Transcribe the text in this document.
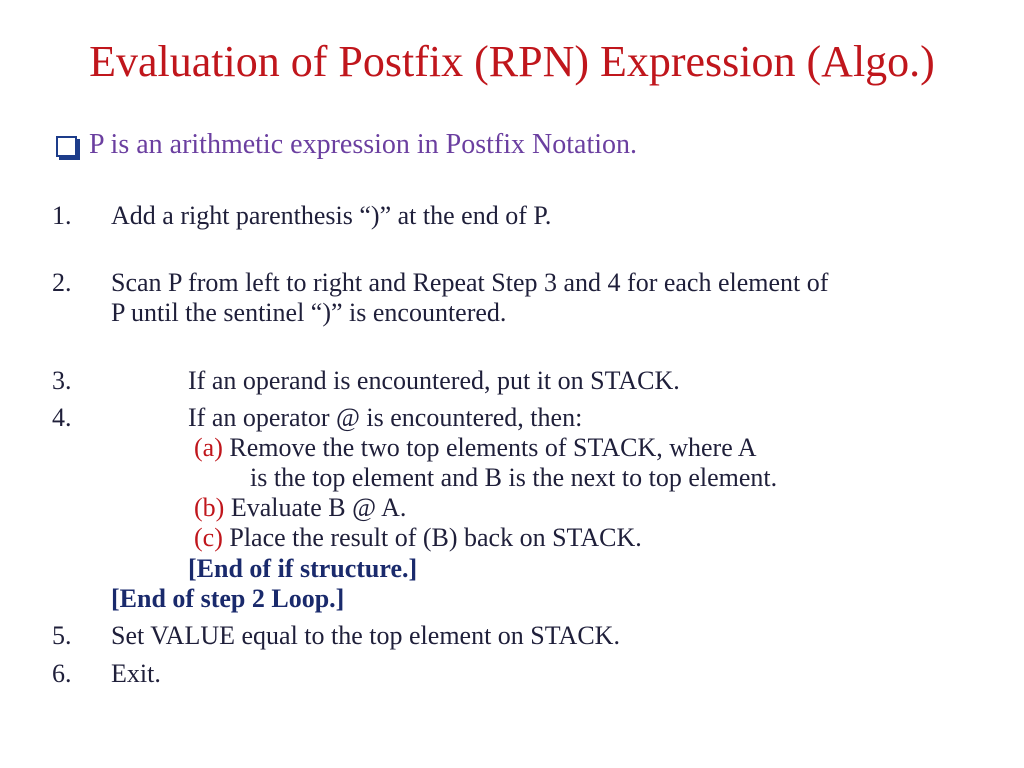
Evaluation of Postfix (RPN) Expression (Algo.)
P is an arithmetic expression in Postfix Notation.
1. Add a right parenthesis “)” at the end of P.
2. Scan P from left to right and Repeat Step 3 and 4 for each element of
P until the sentinel “)” is encountered.
3.	If an operand is encountered, put it on STACK.
4.	If an operator @ is encountered, then:
(a) Remove the two top elements of STACK, where A
is the top element and B is the next to top element.
(b) Evaluate B @ A.
(c) Place the result of (B) back on STACK.
[End of if structure.]
[End of step 2 Loop.]
5. Set VALUE equal to the top element on STACK.
6. Exit.
